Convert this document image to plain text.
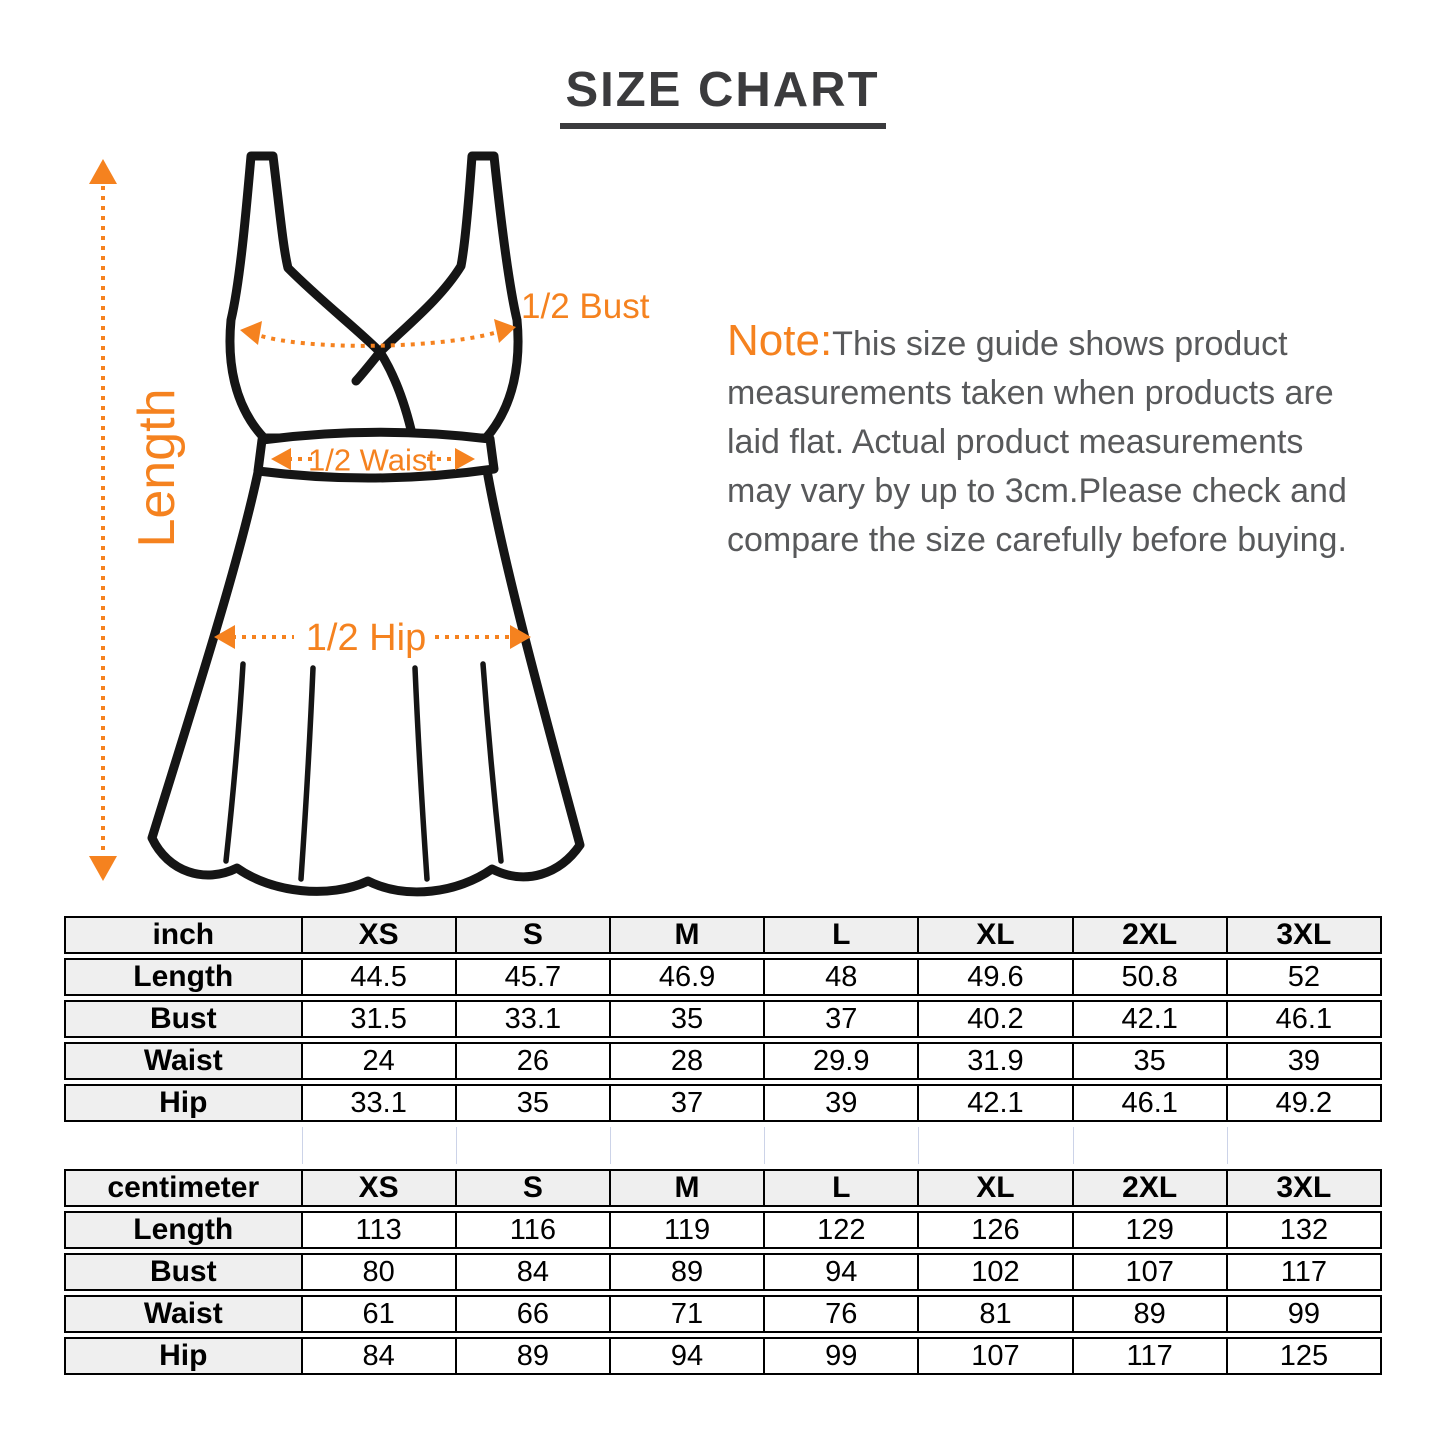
SIZE CHART
Length
1/2 Bust
1/2 Waist
1/2 Hip
Note:This size guide shows product
measurements taken when products are
laid flat. Actual product measurements
may vary by up to 3cm.Please check and
compare the size carefully before buying.
inch	XS	S	M	L	XL	2XL	3XL
Length	44.5	45.7	46.9	48	49.6	50.8	52
Bust	31.5	33.1	35	37	40.2	42.1	46.1
Waist	24	26	28	29.9	31.9	35	39
Hip	33.1	35	37	39	42.1	46.1	49.2
centimeter	XS	S	M	L	XL	2XL	3XL
Length	113	116	119	122	126	129	132
Bust	80	84	89	94	102	107	117
Waist	61	66	71	76	81	89	99
Hip	84	89	94	99	107	117	125
